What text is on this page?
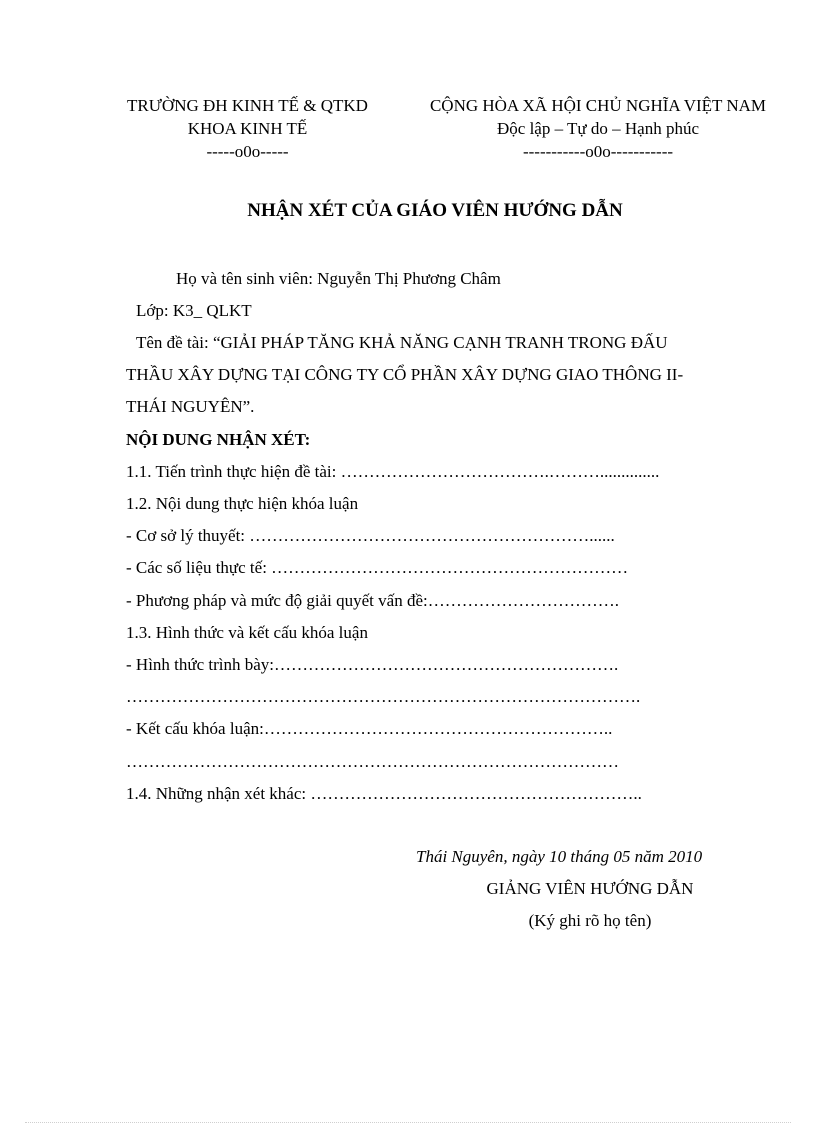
TRƯỜNG ĐH KINH TẾ & QTKD
KHOA KINH TẾ
-----o0o-----
CỘNG HÒA XÃ HỘI CHỦ NGHĨA VIỆT NAM
Độc lập – Tự do – Hạnh phúc
-----------o0o-----------
NHẬN XÉT CỦA GIÁO VIÊN HƯỚNG DẪN
Họ và tên sinh viên: Nguyễn Thị Phương Châm
Lớp: K3_ QLKT
Tên đề tài: “GIẢI PHÁP TĂNG KHẢ NĂNG CẠNH TRANH TRONG ĐẤU
THẦU XÂY DỰNG TẠI CÔNG TY CỔ PHẦN XÂY DỰNG GIAO THÔNG II-
THÁI NGUYÊN”.
NỘI DUNG NHẬN XÉT:
1.1. Tiến trình thực hiện đề tài: ……………………………….………..............
1.2. Nội dung thực hiện khóa luận
- Cơ sở lý thuyết: ……………………………………………………......
- Các số liệu thực tế: ………………………………………………………
- Phương pháp và mức độ giải quyết vấn đề:…………………………….
1.3. Hình thức và kết cấu khóa luận
- Hình thức trình bày:…………………………………………………….
……………………………………………………………………………….
- Kết cấu khóa luận:……………………………………………………..
……………………………………………………………………………
1.4. Những nhận xét khác: …………………………………………………..
Thái Nguyên, ngày 10 tháng 05 năm 2010
GIẢNG VIÊN HƯỚNG DẪN
(Ký ghi rõ họ tên)
